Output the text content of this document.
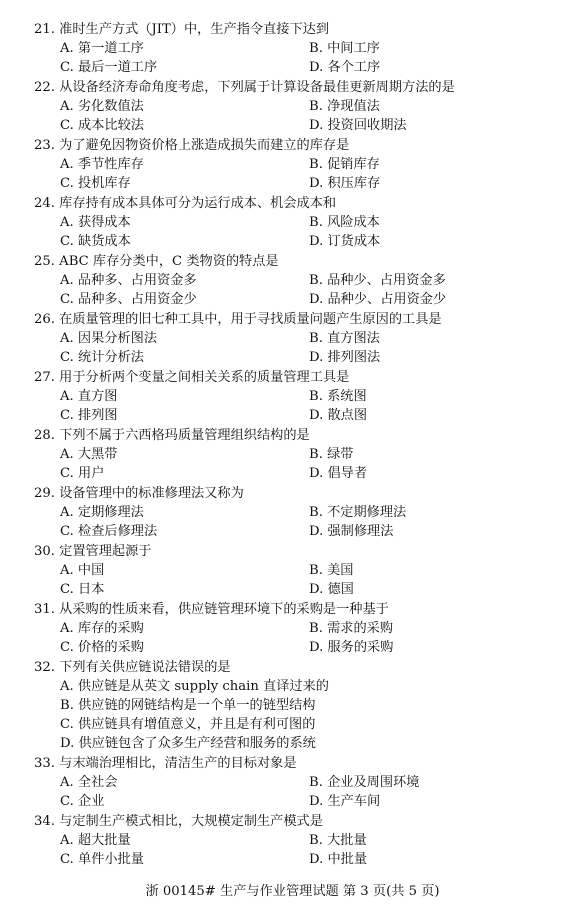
21. 准时生产方式（JIT）中，生产指令直接下达到
A. 第一道工序	B. 中间工序
C. 最后一道工序	D. 各个工序
22. 从设备经济寿命角度考虑，下列属于计算设备最佳更新周期方法的是
A. 劣化数值法	B. 净现值法
C. 成本比较法	D. 投资回收期法
23. 为了避免因物资价格上涨造成损失而建立的库存是
A. 季节性库存	B. 促销库存
C. 投机库存	D. 积压库存
24. 库存持有成本具体可分为运行成本、机会成本和
A. 获得成本	B. 风险成本
C. 缺货成本	D. 订货成本
25. ABC 库存分类中，C 类物资的特点是
A. 品种多、占用资金多	B. 品种少、占用资金多
C. 品种多、占用资金少	D. 品种少、占用资金少
26. 在质量管理的旧七种工具中，用于寻找质量问题产生原因的工具是
A. 因果分析图法	B. 直方图法
C. 统计分析法	D. 排列图法
27. 用于分析两个变量之间相关关系的质量管理工具是
A. 直方图	B. 系统图
C. 排列图	D. 散点图
28. 下列不属于六西格玛质量管理组织结构的是
A. 大黑带	B. 绿带
C. 用户	D. 倡导者
29. 设备管理中的标准修理法又称为
A. 定期修理法	B. 不定期修理法
C. 检查后修理法	D. 强制修理法
30. 定置管理起源于
A. 中国	B. 美国
C. 日本	D. 德国
31. 从采购的性质来看，供应链管理环境下的采购是一种基于
A. 库存的采购	B. 需求的采购
C. 价格的采购	D. 服务的采购
32. 下列有关供应链说法错误的是
A. 供应链是从英文 supply chain 直译过来的
B. 供应链的网链结构是一个单一的链型结构
C. 供应链具有增值意义，并且是有利可图的
D. 供应链包含了众多生产经营和服务的系统
33. 与末端治理相比，清洁生产的目标对象是
A. 全社会	B. 企业及周围环境
C. 企业	D. 生产车间
34. 与定制生产模式相比，大规模定制生产模式是
A. 超大批量	B. 大批量
C. 单件小批量	D. 中批量
浙 00145# 生产与作业管理试题 第 3 页(共 5 页)
